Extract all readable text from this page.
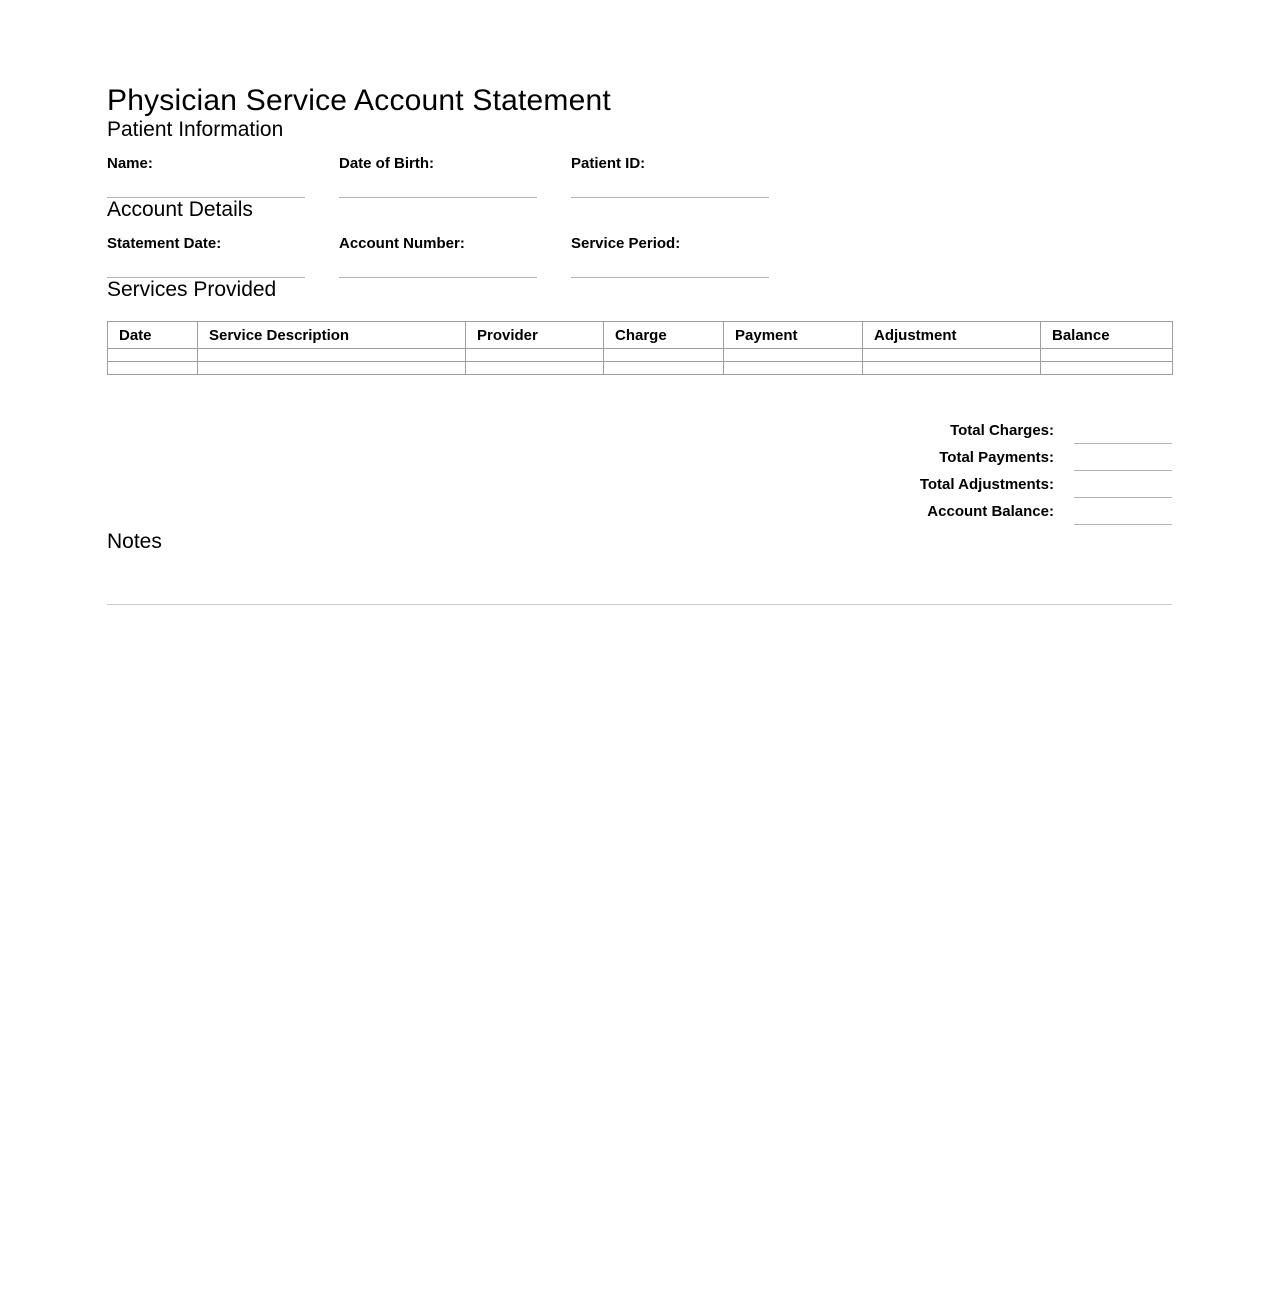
Physician Service Account Statement
Patient Information
Name:	Date of Birth:	Patient ID:
Account Details
Statement Date:	Account Number:	Service Period:
Services Provided
Date	Service Description	Provider	Charge	Payment	Adjustment	Balance

Total Charges:
Total Payments:
Total Adjustments:
Account Balance:
Notes
